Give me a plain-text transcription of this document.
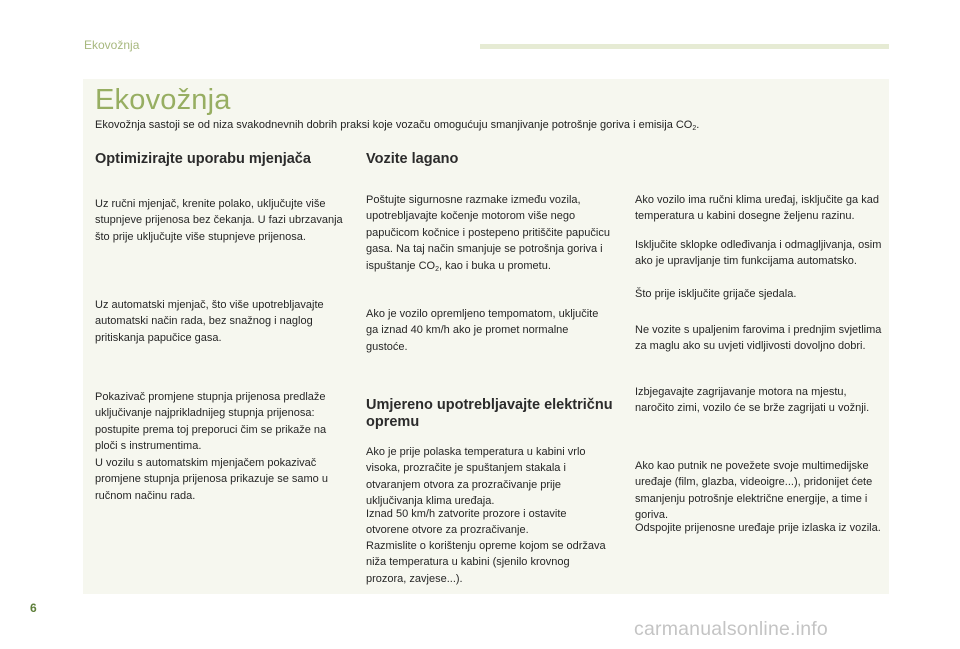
Ekovožnja
Ekovožnja
Ekovožnja sastoji se od niza svakodnevnih dobrih praksi koje vozaču omogućuju smanjivanje potrošnje goriva i emisija $CO_2$.
Optimizirajte uporabu mjenjača

Uz ručni mjenjač, krenite polako, uključujte više stupnjeve prijenosa bez čekanja. U fazi ubrzavanja što prije uključujte više stupnjeve prijenosa.

Uz automatski mjenjač, što više upotrebljavajte automatski način rada, bez snažnog i naglog pritiskanja papučice gasa.

Pokazivač promjene stupnja prijenosa predlaže uključivanje najprikladnijeg stupnja prijenosa: postupite prema toj preporuci čim se prikaže na ploči s instrumentima.

U vozilu s automatskim mjenjačem pokazivač promjene stupnja prijenosa prikazuje se samo u ručnom načinu rada.

Vozite lagano

Poštujte sigurnosne razmake između vozila, upotrebljavajte kočenje motorom više nego papučicom kočnice i postepeno pritiščite papučicu gasa. Na taj način smanjuje se potrošnja goriva i ispuštanje $CO_2$, kao i buka u prometu.

Ako je vozilo opremljeno tempomatom, uključite ga iznad 40 km/h ako je promet normalne gustoće.

Umjereno upotrebljavajte električnu opremu

Ako je prije polaska temperatura u kabini vrlo visoka, prozračite je spuštanjem stakala i otvaranjem otvora za prozračivanje prije uključivanja klima uređaja.

Iznad 50 km/h zatvorite prozore i ostavite otvorene otvore za prozračivanje.

Razmislite o korištenju opreme kojom se održava niža temperatura u kabini (sjenilo krovnog prozora, zavjese...).

Ako vozilo ima ručni klima uređaj, isključite ga kad temperatura u kabini dosegne željenu razinu.

Isključite sklopke odleđivanja i odmagljivanja, osim ako je upravljanje tim funkcijama automatsko.

Što prije isključite grijače sjedala.

Ne vozite s upaljenim farovima i prednjim svjetlima za maglu ako su uvjeti vidljivosti dovoljno dobri.

Izbjegavajte zagrijavanje motora na mjestu, naročito zimi, vozilo će se brže zagrijati u vožnji.

Ako kao putnik ne povežete svoje multimedijske uređaje (film, glazba, videoigre...), pridonijet ćete smanjenju potrošnje električne energije, a time i goriva.

Odspojite prijenosne uređaje prije izlaska iz vozila.

6
carmanualsonline.info
